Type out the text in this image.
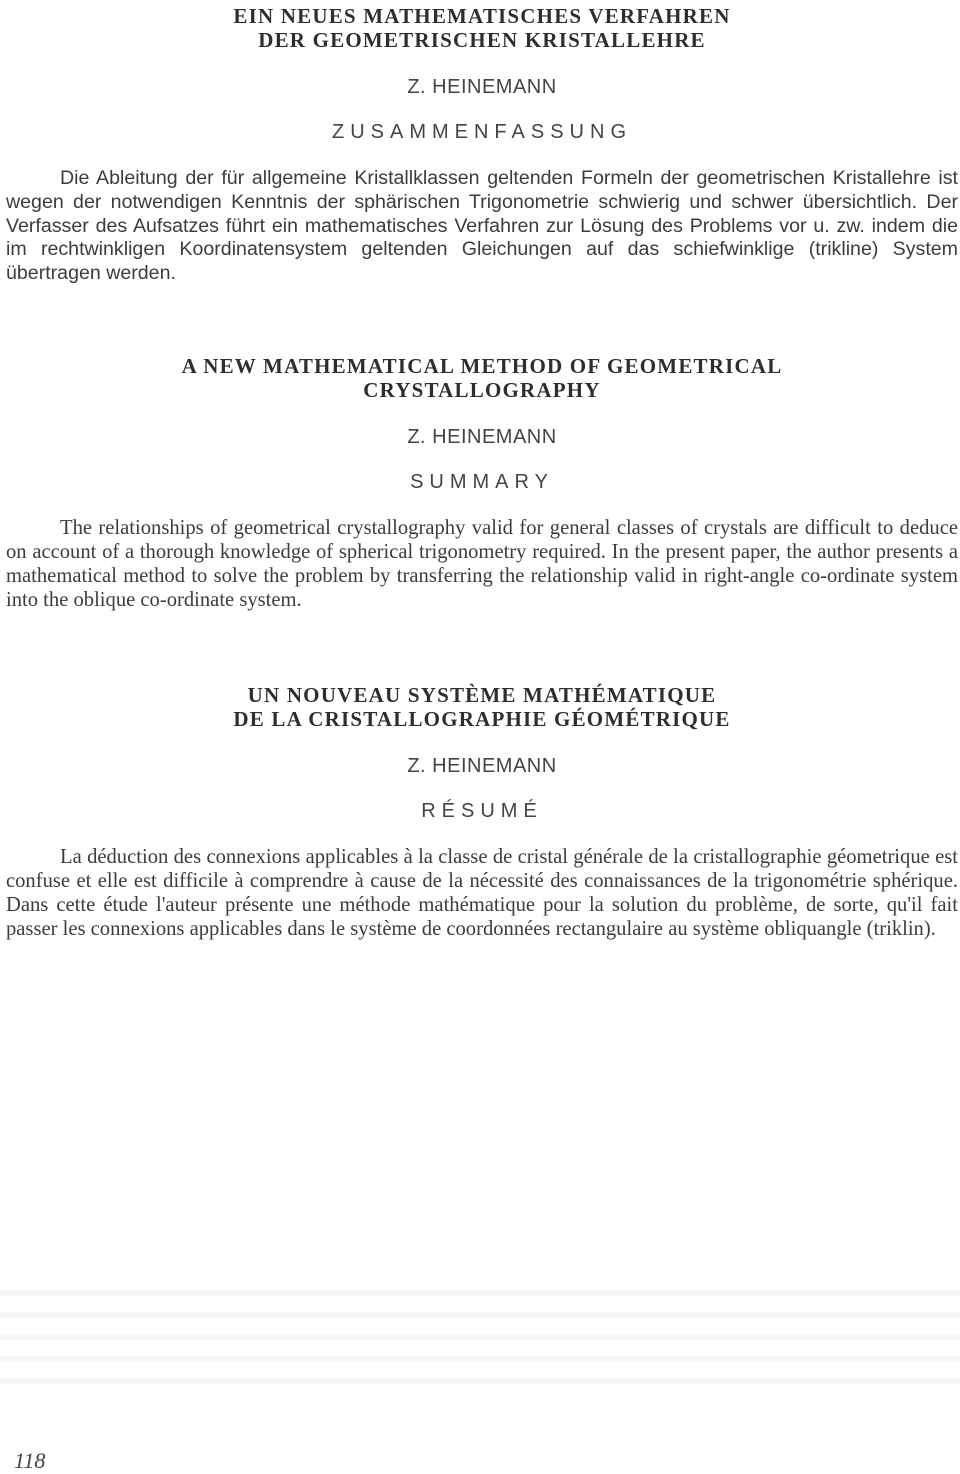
EIN NEUES MATHEMATISCHES VERFAHREN
DER GEOMETRISCHEN KRISTALLEHRE

Z. HEINEMANN

ZUSAMMENFASSUNG

Die Ableitung der für allgemeine Kristallklassen geltenden Formeln der geometrischen Kristallehre ist wegen der notwendigen Kenntnis der sphärischen Trigonometrie schwierig und schwer übersichtlich. Der Verfasser des Aufsatzes führt ein mathematisches Verfahren zur Lösung des Problems vor u. zw. indem die im rechtwinkligen Koordinatensystem geltenden Gleichungen auf das schiefwinklige (trikline) System übertragen werden.

A NEW MATHEMATICAL METHOD OF GEOMETRICAL
CRYSTALLOGRAPHY

Z. HEINEMANN

SUMMARY

The relationships of geometrical crystallography valid for general classes of crystals are difficult to deduce on account of a thorough knowledge of spherical trigonometry required. In the present paper, the author presents a mathematical method to solve the problem by transferring the relationship valid in right-angle co-ordinate system into the oblique co-ordinate system.

UN NOUVEAU SYSTÈME MATHÉMATIQUE
DE LA CRISTALLOGRAPHIE GÉOMÉTRIQUE

Z. HEINEMANN

RÉSUMÉ

La déduction des connexions applicables à la classe de cristal générale de la cristallographie géometrique est confuse et elle est difficile à comprendre à cause de la nécessité des connaissances de la trigonométrie sphérique. Dans cette étude l'auteur présente une méthode mathématique pour la solution du problème, de sorte, qu'il fait passer les connexions applicables dans le système de coordonnées rectangulaire au système obliquangle (triklin).

118
